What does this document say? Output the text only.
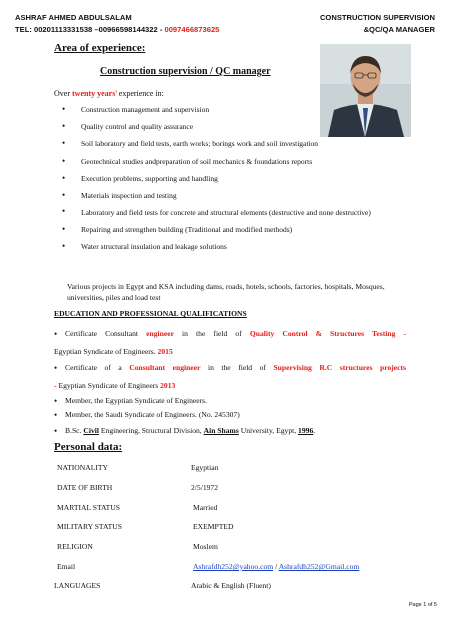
ASHRAF AHMED ABDULSALAM
TEL: 00201113331538 –00966598144322 - 0097466873625
CONSTRUCTION SUPERVISION
&QC/QA MANAGER
Area of experience:
Construction supervision / QC manager
Over twenty years' experience in:
• Construction management and supervision
• Quality control and quality assurance
• Soil laboratory and field tests, earth works; borings work and soil investigation
• Geotechnical studies andpreparation of soil mechanics & foundations reports
• Execution problems, supporting and handling
• Materials inspection and testing
• Laboratory and field tests for concrete and structural elements (destructive and none destructive)
• Repairing and strengthen building (Traditional and modified methods)
• Water structural insulation and leakage solutions
Various projects in Egypt and KSA including dams, roads, hotels, schools, factories, hospitals, Mosques, universities, piles and load test
EDUCATION AND PROFESSIONAL QUALIFICATIONS
• Certificate Consultant engineer in the field of Quality Control & Structures Testing -
Egyptian Syndicate of Engineers. 2015
• Certificate of a Consultant engineer in the field of Supervising R.C structures projects
- Egyptian Syndicate of Engineers 2013
• Member, the Egyptian Syndicate of Engineers.
• Member, the Saudi Syndicate of Engineers. (No. 245307)
• B.Sc. Civil Engineering, Structural Division, Ain Shams University, Egypt, 1996.
Personal data:
NATIONALITY	Egyptian
DATE OF BIRTH	2/5/1972
MARTIAL STATUS	Married
MILITARY STATUS	EXEMPTED
RELIGION	Moslem
Email	Ashrafdh252@yahoo.com / Ashrafdh252@Gmail.com
LANGUAGES	Arabic & English (Fluent)
Page 1 of 5
